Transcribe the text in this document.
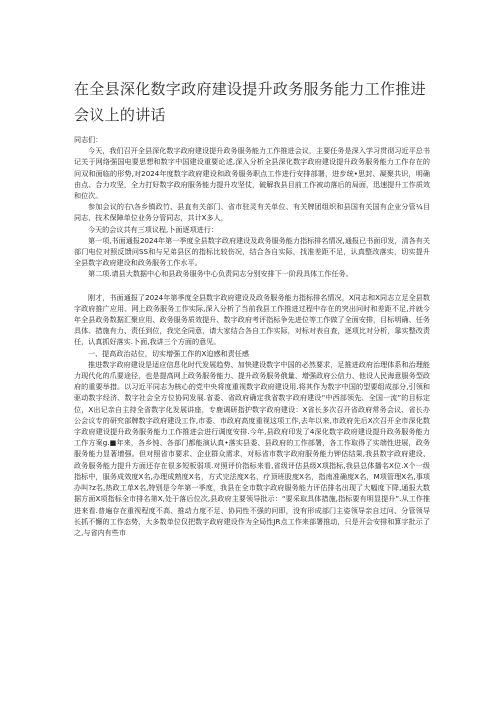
在全县深化数字政府建设提升政务服务能力工作推进会议上的讲话

同志们：

今天，我们召开全县深化数字政府建设提升政务服务能力工作推进会议，主要任务是深入学习贯彻习近平总书记关于网络强国电要思想和数字中国建设重要论述,深入分析全县深化数字政府建设提升政务服务能力工作存在的问双和面临的形势,对2024年度数字政府建设和政务服务职点工作进行安排部署，进步统•思封、凝聚共识，明确由点、合力攻坚，全力打好数字政府服务能力提升攻坚仗，破解我县目前工作被动落后的局面，迅速提升工作质效和位次。

参加会议的右\各乡镇政竹、县直有关部门、省市驻灵有关单位、有关牌团组织和县国有关国有企业分管¼目同志，技术保障单位业务分管同志，共计X多人，

今天的会议共有三项议程,卜面逐项进行：

第一项,书面通报2024年第一季度全县数字政府建设及政务服务能力指标排名情况,通报已书面印发，清各有关部门电位对照反馈问SS和与兄弟县区的指标比较伤况，结合各自实际，找准差距不足，认真整改落实，切实提升全县数字政府建设和政务服务工作水平。

第二项.请县大数据中心和县政务服务中心负责同志分别安排下一阶段具体工作任务。

刚才，书面通报了2024年第季度全县数字政府建设及政务服务能力指标排名情况，X同志和X同志立足全县数字政府推广应用、网上政务服务工作实际,深入分析了当前我县工作推进过程中存在的突出问时和差距不足,并就今年全县政务数据汇聚应用、政务服务质效提升、数字政府考评指标争先进位等工作做了全面安排，目标明确、任务具体、措施有力、责任到位，我完全同意，请大家结合各自工作实际，对标对表自查，逐项比对分析，靠实整改责任，认真抓好落实.卜面,我讲三个方面的意见。

一、提高政治站位，切实增强工作的X迫感和责任感

推进数字政府建设是适应信息化时代发展趋势、加快建设数字中国的必然要求，足推进政府治理体系和治理能力现代化的爪要途径，也是提高网上政务服务能力、提升政务服务俄量、增强政府公信力、他设人民海意服务型政府的重要举措。以习近平同志为核心的党中央将度重视数字政府建设用.将其作为数字中国的型要组成部分,引领和驱动数字经济、数字社会全方位协同发展.省委、省政府确定我省数字政府建设“中西部领先、全国一流”的目标定位，X出记亲自主持全省数字化发展讲座，专鹿调研指护数字政府建设：X省长多次召开省政府常务会议、省长办公会议专的研究部牌数字政府建设工作,市委、市政府高度重视这项工作,去年以来,市政府先后X次召开全市深化数字政府建设提升政务服务能力工作推进会进行调度安排.今年,县政府印发了4深化数字政府建设提升政务服务能力工作方案g.■年来，各乡钝、各部门都能演认真•落实县委、县政府的工作部署，各工作取得了实端性进展，政务服务能力显著增强。但对照省市要求、企业群众需求，对标省市数字政府服务能力钾估结果,我县数字政府建设、政务服务能力提升方面还存在很多短板弱项.对照评价指标来看,省级评估县级X项指标,我县总体播名X位.X个一级指标中，服务成效度X名,办理成熟度X名，方式完法度X名，疗顶班股度X名，指南准确度X名，M项管理X名,事项办叫?z名,热政工单X名,特别是今年第一季度，我县在全市数字政府服务能力评估排名出现了大幅度下降,通报大数据方面X项指标全市排名第X,处于落后位次,县政府主要领导批示：“要采取具体措施,指标要有明显提升”.从工作推进来看.普遍存在重视程度不高、推动力度不足、协同性不强的问即，没有形成部门主姿领导亲自过问、分管领导长抓不懈的工作态势，大多数单位仅把数字政府建设作为全局性JR点工作来部署推动，只是开会安排和算字批示了之,与省内有些市
